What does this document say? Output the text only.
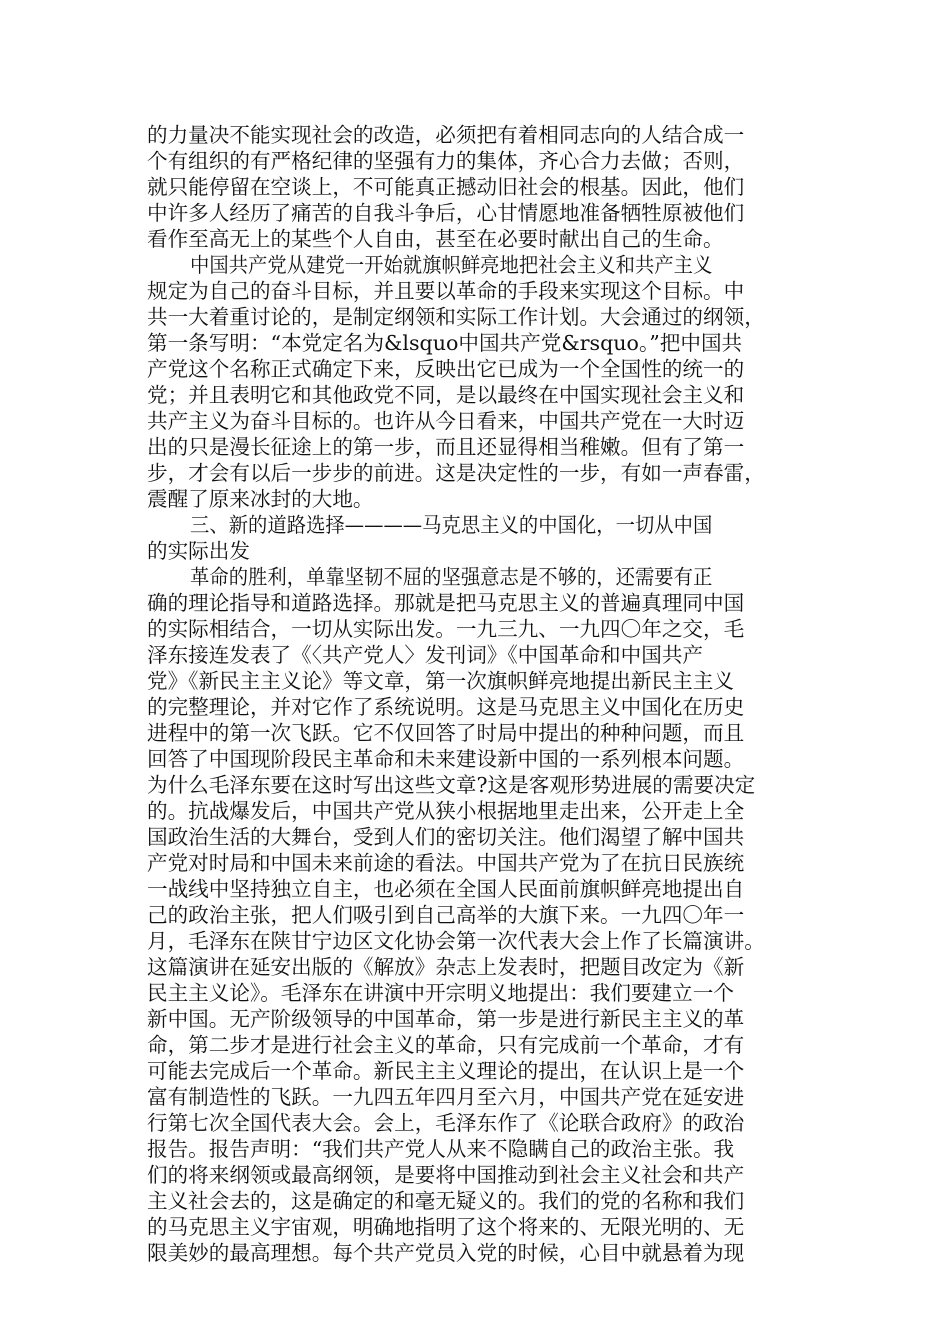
的力量决不能实现社会的改造，必须把有着相同志向的人结合成一
个有组织的有严格纪律的坚强有力的集体，齐心合力去做；否则，
就只能停留在空谈上，不可能真正撼动旧社会的根基。因此，他们
中许多人经历了痛苦的自我斗争后，心甘情愿地准备牺牲原被他们
看作至高无上的某些个人自由，甚至在必要时献出自己的生命。
中国共产党从建党一开始就旗帜鲜亮地把社会主义和共产主义
规定为自己的奋斗目标，并且要以革命的手段来实现这个目标。中
共一大着重讨论的，是制定纲领和实际工作计划。大会通过的纲领，
第一条写明：“本党定名为&lsquo中国共产党&rsquo。”把中国共
产党这个名称正式确定下来，反映出它已成为一个全国性的统一的
党；并且表明它和其他政党不同，是以最终在中国实现社会主义和
共产主义为奋斗目标的。也许从今日看来，中国共产党在一大时迈
出的只是漫长征途上的第一步，而且还显得相当稚嫩。但有了第一
步，才会有以后一步步的前进。这是决定性的一步，有如一声春雷，
震醒了原来冰封的大地。
三、新的道路选择————马克思主义的中国化，一切从中国
的实际出发
革命的胜利，单靠坚韧不屈的坚强意志是不够的，还需要有正
确的理论指导和道路选择。那就是把马克思主义的普遍真理同中国
的实际相结合，一切从实际出发。一九三九、一九四〇年之交，毛
泽东接连发表了《〈共产党人〉发刊词》《中国革命和中国共产
党》《新民主主义论》等文章，第一次旗帜鲜亮地提出新民主主义
的完整理论，并对它作了系统说明。这是马克思主义中国化在历史
进程中的第一次飞跃。它不仅回答了时局中提出的种种问题，而且
回答了中国现阶段民主革命和未来建设新中国的一系列根本问题。
为什么毛泽东要在这时写出这些文章?这是客观形势进展的需要决定
的。抗战爆发后，中国共产党从狭小根据地里走出来，公开走上全
国政治生活的大舞台，受到人们的密切关注。他们渴望了解中国共
产党对时局和中国未来前途的看法。中国共产党为了在抗日民族统
一战线中坚持独立自主，也必须在全国人民面前旗帜鲜亮地提出自
己的政治主张，把人们吸引到自己高举的大旗下来。一九四〇年一
月，毛泽东在陕甘宁边区文化协会第一次代表大会上作了长篇演讲。
这篇演讲在延安出版的《解放》杂志上发表时，把题目改定为《新
民主主义论》。毛泽东在讲演中开宗明义地提出：我们要建立一个
新中国。无产阶级领导的中国革命，第一步是进行新民主主义的革
命，第二步才是进行社会主义的革命，只有完成前一个革命，才有
可能去完成后一个革命。新民主主义理论的提出，在认识上是一个
富有制造性的飞跃。一九四五年四月至六月，中国共产党在延安进
行第七次全国代表大会。会上，毛泽东作了《论联合政府》的政治
报告。报告声明：“我们共产党人从来不隐瞒自己的政治主张。我
们的将来纲领或最高纲领，是要将中国推动到社会主义社会和共产
主义社会去的，这是确定的和毫无疑义的。我们的党的名称和我们
的马克思主义宇宙观，明确地指明了这个将来的、无限光明的、无
限美妙的最高理想。每个共产党员入党的时候，心目中就悬着为现
